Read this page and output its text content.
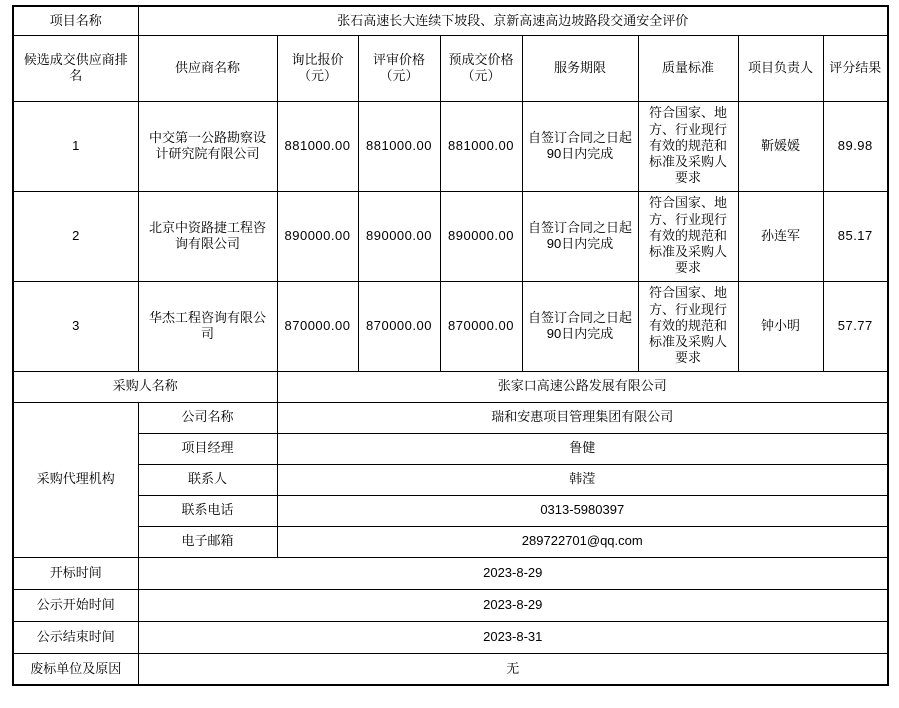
项目名称	张石高速长大连续下坡段、京新高速高边坡路段交通安全评价							
候选成交供应商排名	供应商名称	询比报价（元）	评审价格（元）	预成交价格（元）	服务期限	质量标准	项目负责人	评分结果
1	中交第一公路勘察设计研究院有限公司	881000.00	881000.00	881000.00	自签订合同之日起90日内完成	符合国家、地方、行业现行有效的规范和标准及采购人要求	靳媛媛	89.98
2	北京中资路捷工程咨询有限公司	890000.00	890000.00	890000.00	自签订合同之日起90日内完成	符合国家、地方、行业现行有效的规范和标准及采购人要求	孙连军	85.17
3	华杰工程咨询有限公司	870000.00	870000.00	870000.00	自签订合同之日起90日内完成	符合国家、地方、行业现行有效的规范和标准及采购人要求	钟小明	57.77
采购人名称		张家口高速公路发展有限公司						
采购代理机构	公司名称	瑞和安惠项目管理集团有限公司						
	项目经理	鲁健						
	联系人	韩滢						
	联系电话	0313-5980397						
	电子邮箱	289722701@qq.com						
开标时间	2023-8-29							
公示开始时间	2023-8-29							
公示结束时间	2023-8-31							
废标单位及原因	无							
